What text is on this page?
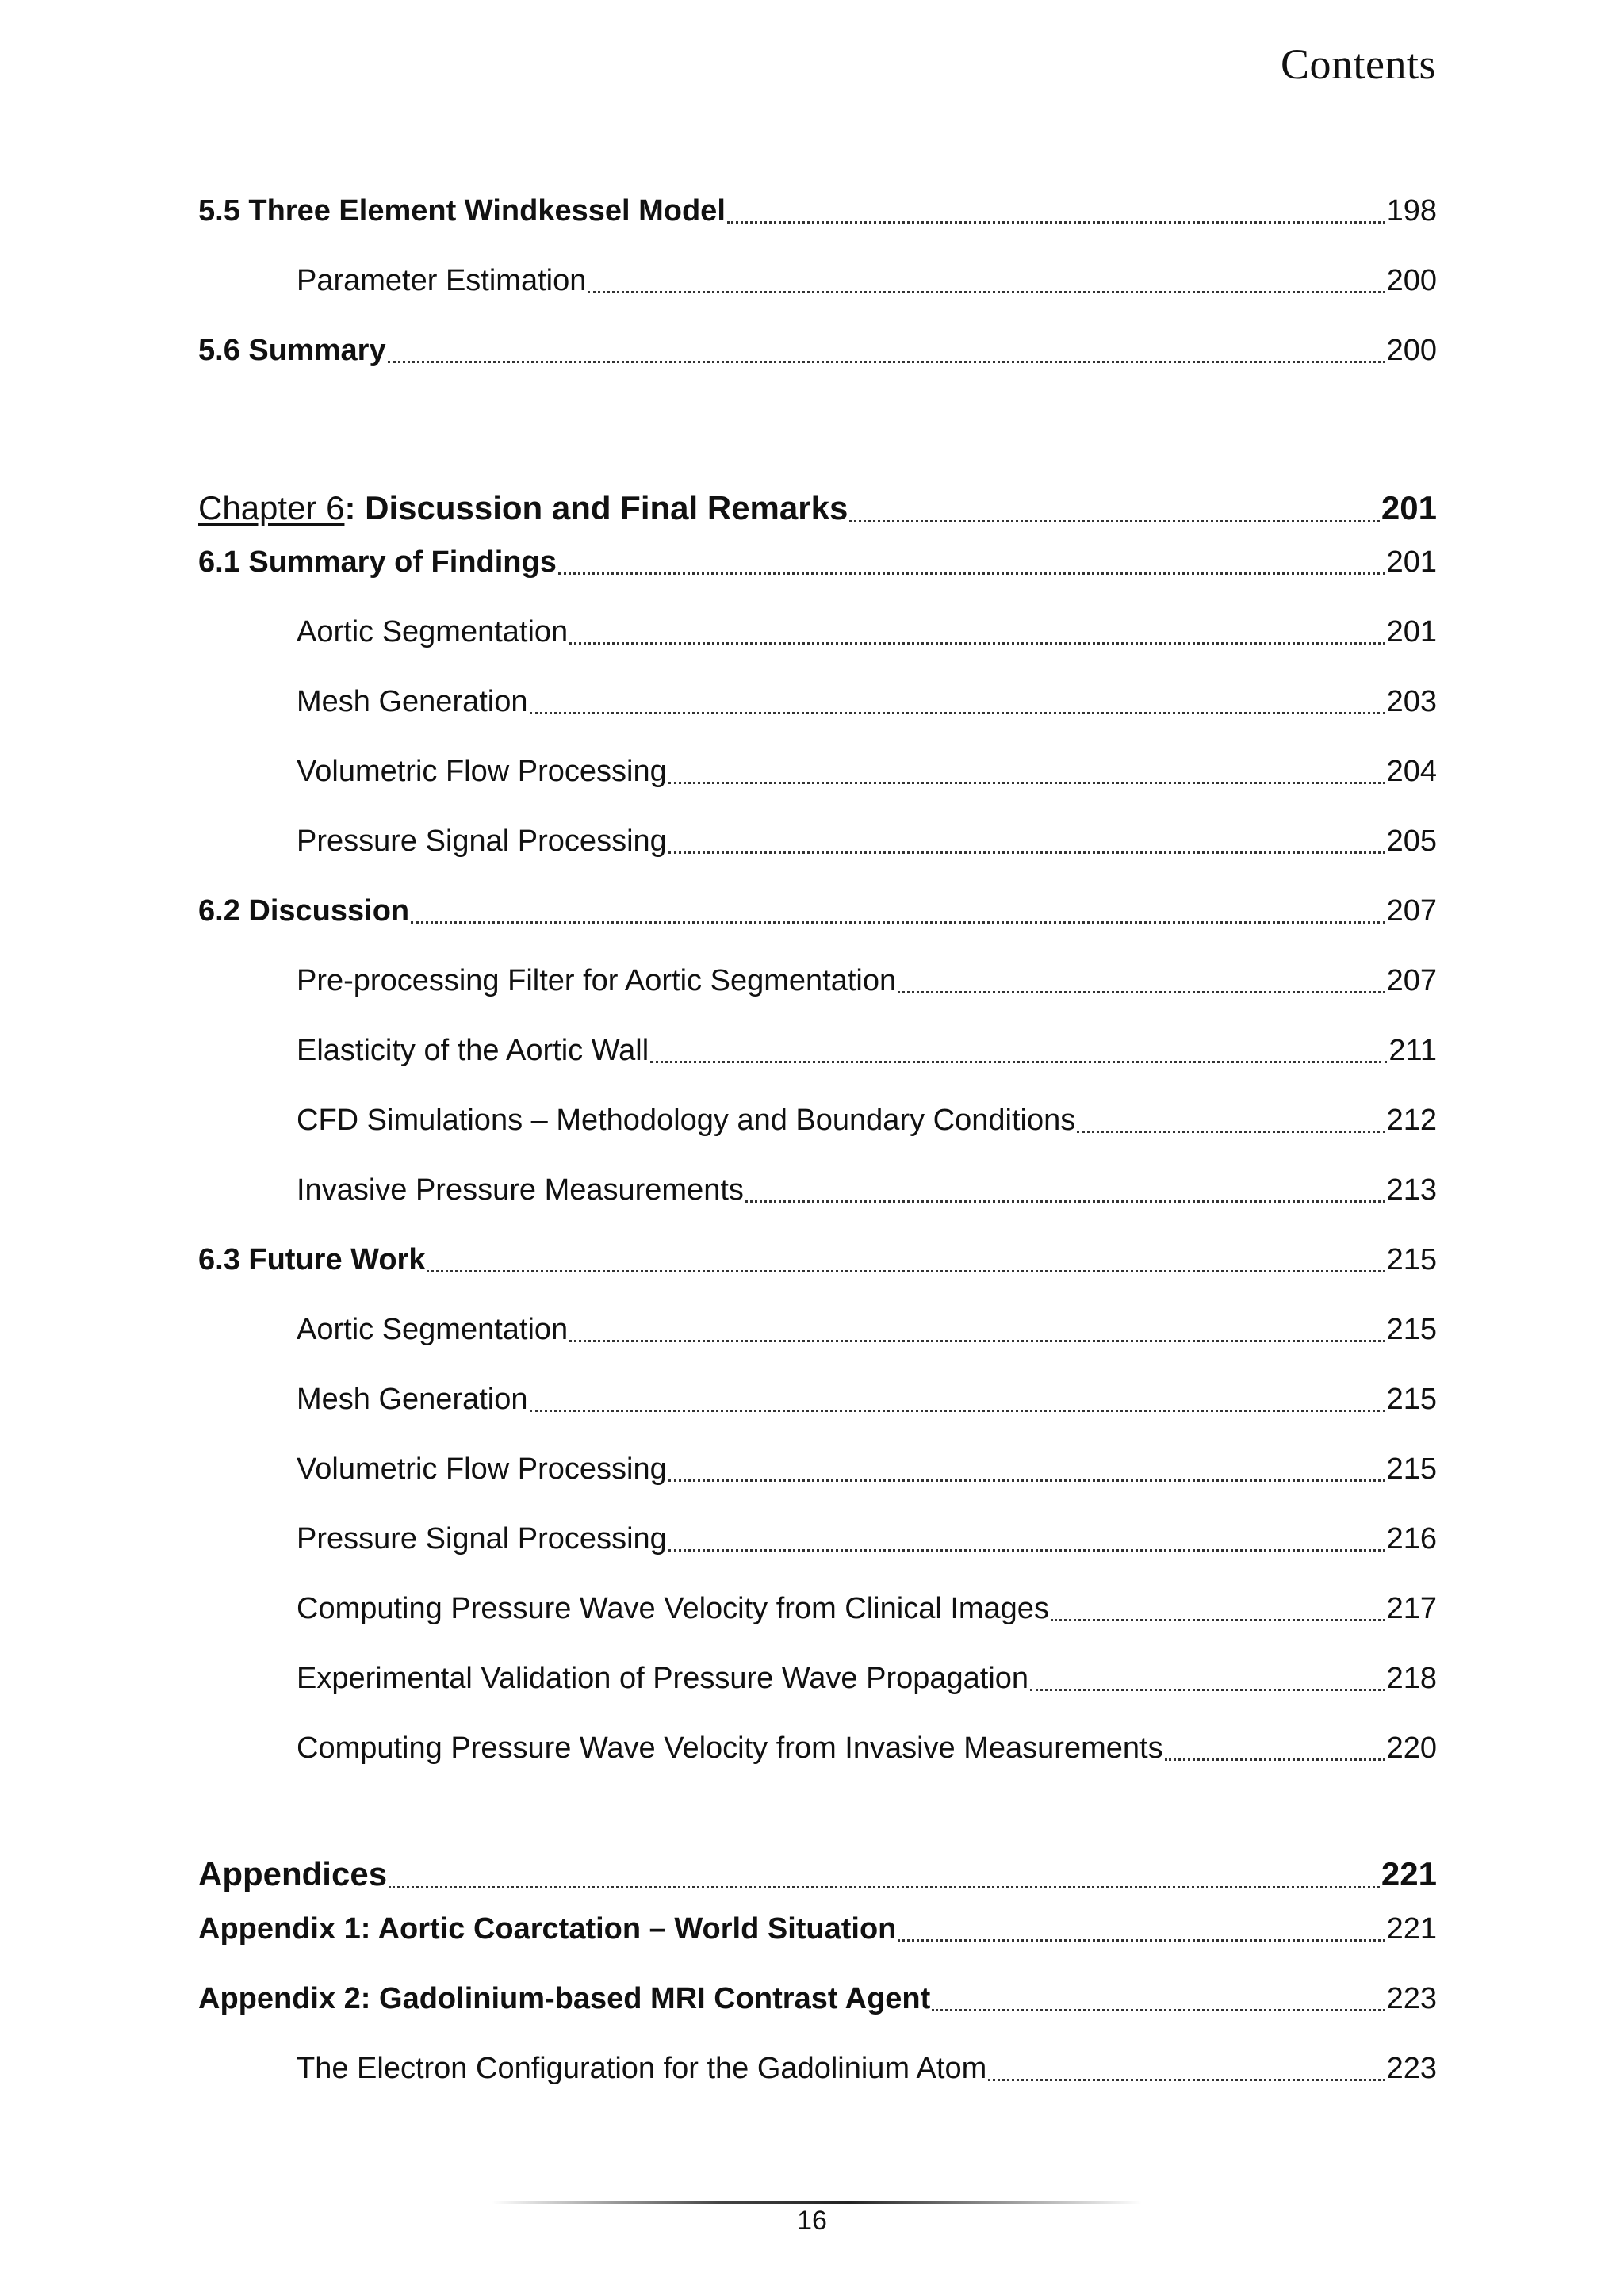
Contents
5.5 Three Element Windkessel Model	198
Parameter Estimation	200
5.6 Summary	200
Chapter 6: Discussion and Final Remarks	201
6.1 Summary of Findings	201
Aortic Segmentation	201
Mesh Generation	203
Volumetric Flow Processing	204
Pressure Signal Processing	205
6.2 Discussion	207
Pre-processing Filter for Aortic Segmentation	207
Elasticity of the Aortic Wall	211
CFD Simulations – Methodology and Boundary Conditions	212
Invasive Pressure Measurements	213
6.3 Future Work	215
Aortic Segmentation	215
Mesh Generation	215
Volumetric Flow Processing	215
Pressure Signal Processing	216
Computing Pressure Wave Velocity from Clinical Images	217
Experimental Validation of Pressure Wave Propagation	218
Computing Pressure Wave Velocity from Invasive Measurements	220
Appendices	221
Appendix 1: Aortic Coarctation – World Situation	221
Appendix 2: Gadolinium-based MRI Contrast Agent	223
The Electron Configuration for the Gadolinium Atom	223
16
